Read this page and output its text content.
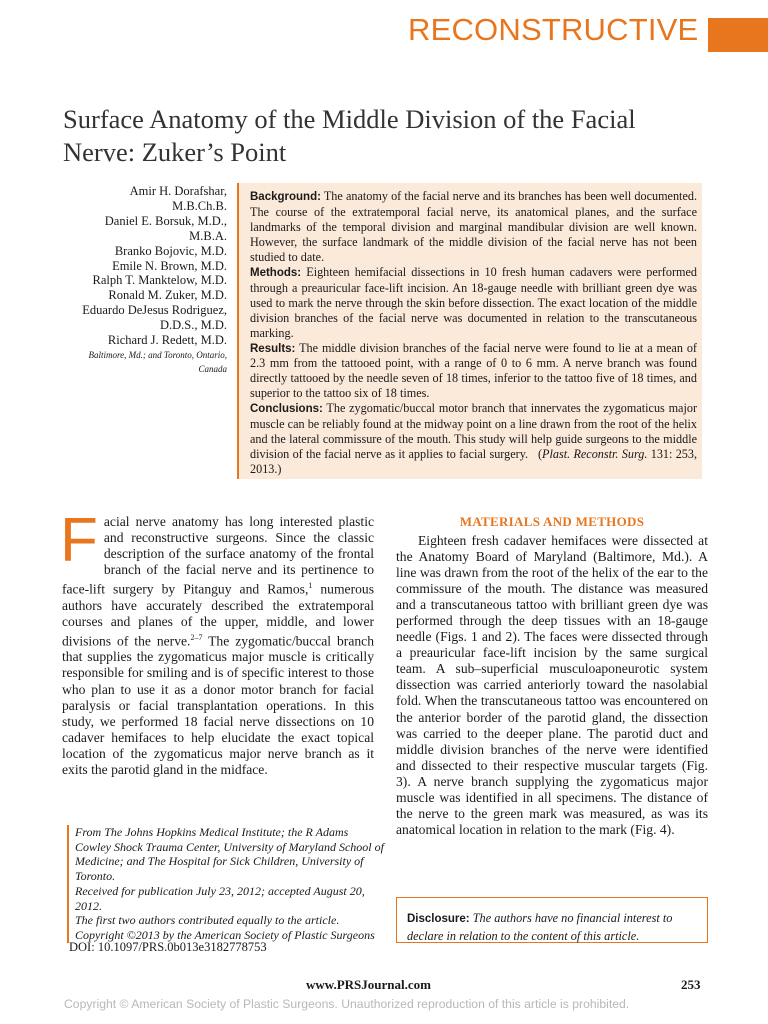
RECONSTRUCTIVE
Surface Anatomy of the Middle Division of the Facial Nerve: Zuker’s Point
Amir H. Dorafshar,
M.B.Ch.B.
Daniel E. Borsuk, M.D.,
M.B.A.
Branko Bojovic, M.D.
Emile N. Brown, M.D.
Ralph T. Manktelow, M.D.
Ronald M. Zuker, M.D.
Eduardo DeJesus Rodriguez,
D.D.S., M.D.
Richard J. Redett, M.D.
Baltimore, Md.; and Toronto, Ontario, Canada

Background: The anatomy of the facial nerve and its branches has been well documented. The course of the extratemporal facial nerve, its anatomical planes, and the surface landmarks of the temporal division and marginal mandibular division are well known. However, the surface landmark of the middle division of the facial nerve has not been studied to date.

Methods: Eighteen hemifacial dissections in 10 fresh human cadavers were performed through a preauricular face-lift incision. An 18-gauge needle with brilliant green dye was used to mark the nerve through the skin before dissection. The exact location of the middle division branches of the facial nerve was documented in relation to the transcutaneous marking.

Results: The middle division branches of the facial nerve were found to lie at a mean of 2.3 mm from the tattooed point, with a range of 0 to 6 mm. A nerve branch was found directly tattooed by the needle seven of 18 times, inferior to the tattoo five of 18 times, and superior to the tattoo six of 18 times.

Conclusions: The zygomatic/buccal motor branch that innervates the zygomaticus major muscle can be reliably found at the midway point on a line drawn from the root of the helix and the lateral commissure of the mouth. This study will help guide surgeons to the middle division of the facial nerve as it applies to facial surgery. (Plast. Reconstr. Surg. 131: 253, 2013.)

Facial nerve anatomy has long interested plastic and reconstructive surgeons. Since the classic description of the surface anatomy of the frontal branch of the facial nerve and its pertinence to face-lift surgery by Pitanguy and Ramos,$^1$ numerous authors have accurately described the extratemporal courses and planes of the upper, middle, and lower divisions of the nerve.$^{2-7}$ The zygomatic/buccal branch that supplies the zygomaticus major muscle is critically responsible for smiling and is of specific interest to those who plan to use it as a donor motor branch for facial paralysis or facial transplantation operations. In this study, we performed 18 facial nerve dissections on 10 cadaver hemifaces to help elucidate the exact topical location of the zygomaticus major nerve branch as it exits the parotid gland in the midface.

From The Johns Hopkins Medical Institute; the R Adams Cowley Shock Trauma Center, University of Maryland School of Medicine; and The Hospital for Sick Children, University of Toronto.

Received for publication July 23, 2012; accepted August 20, 2012.

The first two authors contributed equally to the article.

Copyright ©2013 by the American Society of Plastic Surgeons

DOI: 10.1097/PRS.0b013e3182778753
MATERIALS AND METHODS

Eighteen fresh cadaver hemifaces were dissected at the Anatomy Board of Maryland (Baltimore, Md.). A line was drawn from the root of the helix of the ear to the commissure of the mouth. The distance was measured and a transcutaneous tattoo with brilliant green dye was performed through the deep tissues with an 18-gauge needle (Figs. 1 and 2). The faces were dissected through a preauricular face-lift incision by the same surgical team. A sub–superficial musculoaponeurotic system dissection was carried anteriorly toward the nasolabial fold. When the transcutaneous tattoo was encountered on the anterior border of the parotid gland, the dissection was carried to the deeper plane. The parotid duct and middle division branches of the nerve were identified and dissected to their respective muscular targets (Fig. 3). A nerve branch supplying the zygomaticus major muscle was identified in all specimens. The distance of the nerve to the green mark was measured, as was its anatomical location in relation to the mark (Fig. 4).

Disclosure: The authors have no financial interest to declare in relation to the content of this article.
www.PRSJournal.com	253
Copyright © American Society of Plastic Surgeons. Unauthorized reproduction of this article is prohibited.
